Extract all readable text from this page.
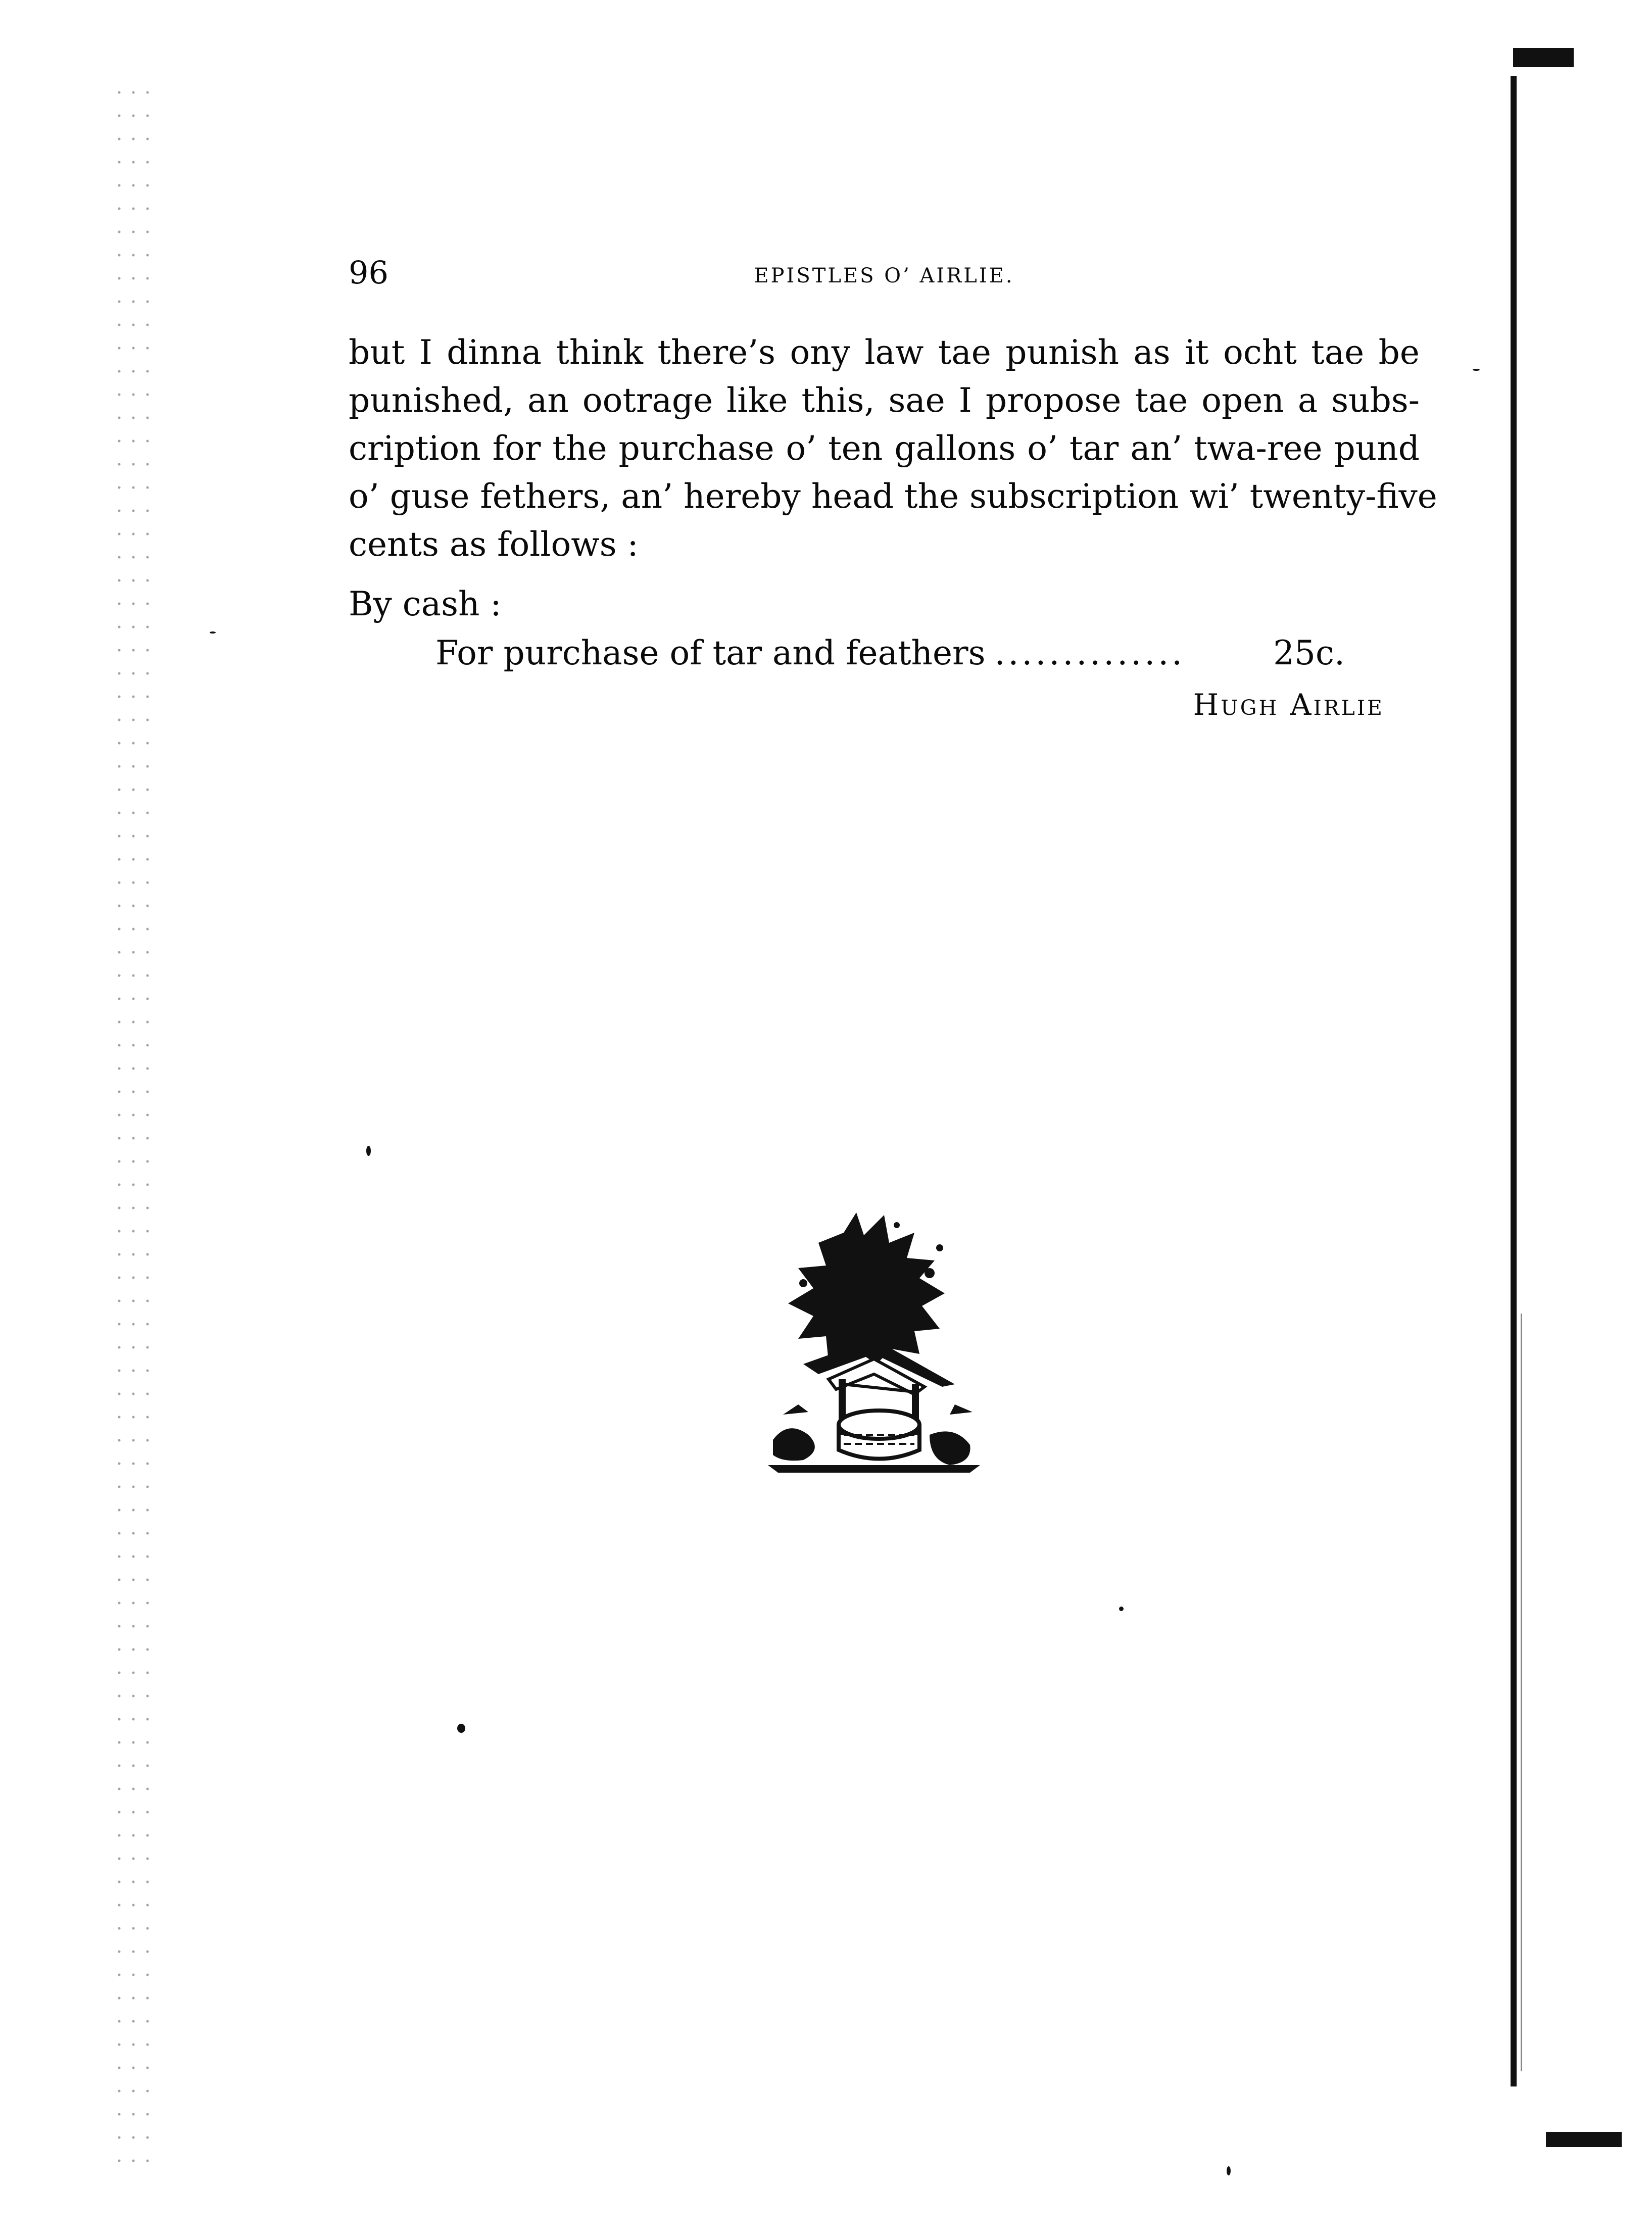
96	EPISTLES O’ AIRLIE.
but I dinna think there’s ony law tae punish as it ocht tae be
punished, an ootrage like this, sae I propose tae open a subs-
cription for the purchase o’ ten gallons o’ tar an’ twa-ree pund
o’ guse fethers, an’ hereby head the subscription wi’ twenty-five
cents as follows :
By cash :
For purchase of tar and feathers ..............	25c.
Hugh Airlie
